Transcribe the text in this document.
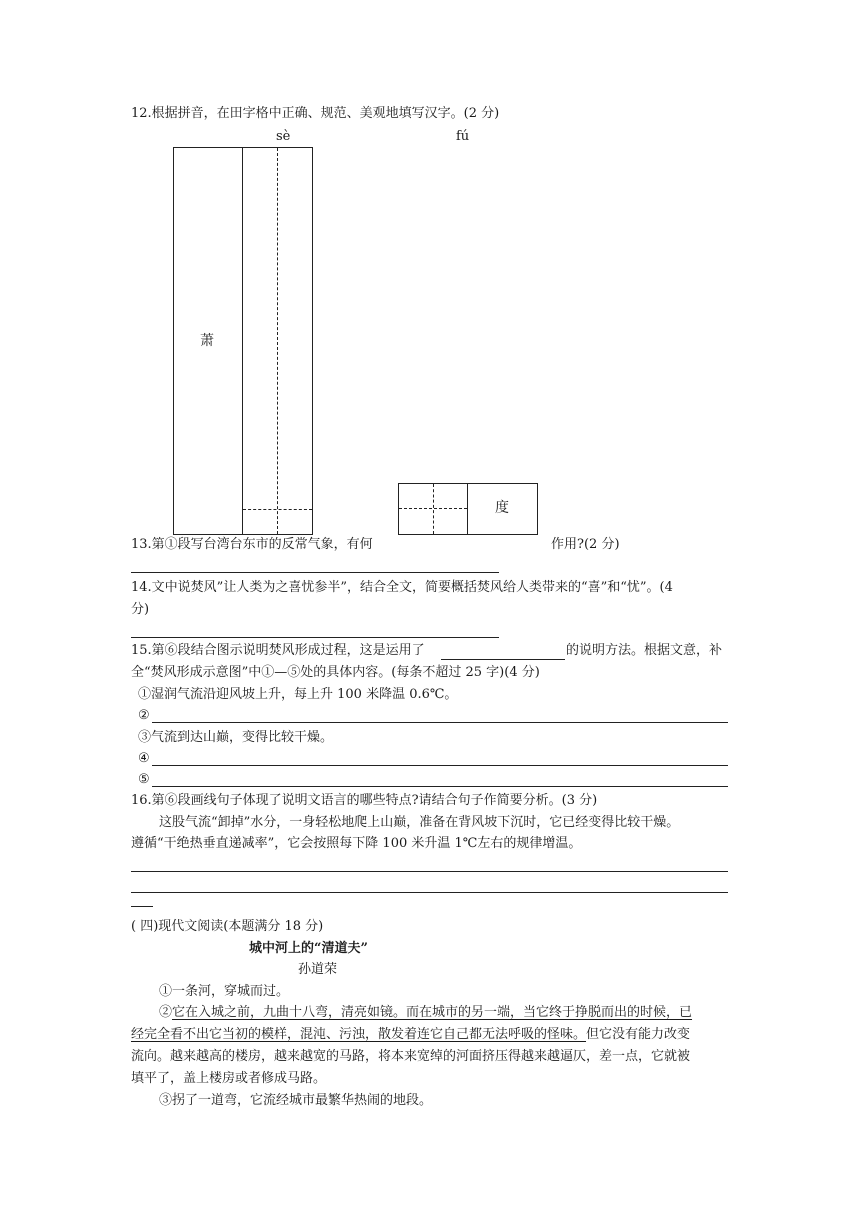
12.根据拼音，在田字格中正确、规范、美观地填写汉字。(2 分)
sè	fú
萧
度
13.第①段写台湾台东市的反常气象，有何	作用?(2 分)
14.文中说焚风”让人类为之喜忧参半”，结合全文，简要概括焚风给人类带来的“喜”和“忧”。(4
分)
15.第⑥段结合图示说明焚风形成过程，这是运用了	的说明方法。根据文意，补
全“焚风形成示意图”中①—⑤处的具体内容。(每条不超过 25 字)(4 分)
①湿润气流沿迎风坡上升，每上升 100 米降温 0.6℃。
②
③气流到达山巅，变得比较干燥。
④
⑤
16.第⑥段画线句子体现了说明文语言的哪些特点?请结合句子作简要分析。(3 分)
这股气流“卸掉”水分，一身轻松地爬上山巅，准备在背风坡下沉时，它已经变得比较干燥。
遵循“干绝热垂直递减率”，它会按照每下降 100 米升温 1℃左右的规律增温。
( 四)现代文阅读(本题满分 18 分)
城中河上的“清道夫”
孙道荣
①一条河，穿城而过。
②它在入城之前，九曲十八弯，清亮如镜。而在城市的另一端，当它终于挣脱而出的时候，已
经完全看不出它当初的模样，混沌、污浊，散发着连它自己都无法呼吸的怪味。但它没有能力改变
流向。越来越高的楼房，越来越宽的马路，将本来宽绰的河面挤压得越来越逼仄，差一点，它就被
填平了，盖上楼房或者修成马路。
③拐了一道弯，它流经城市最繁华热闹的地段。
